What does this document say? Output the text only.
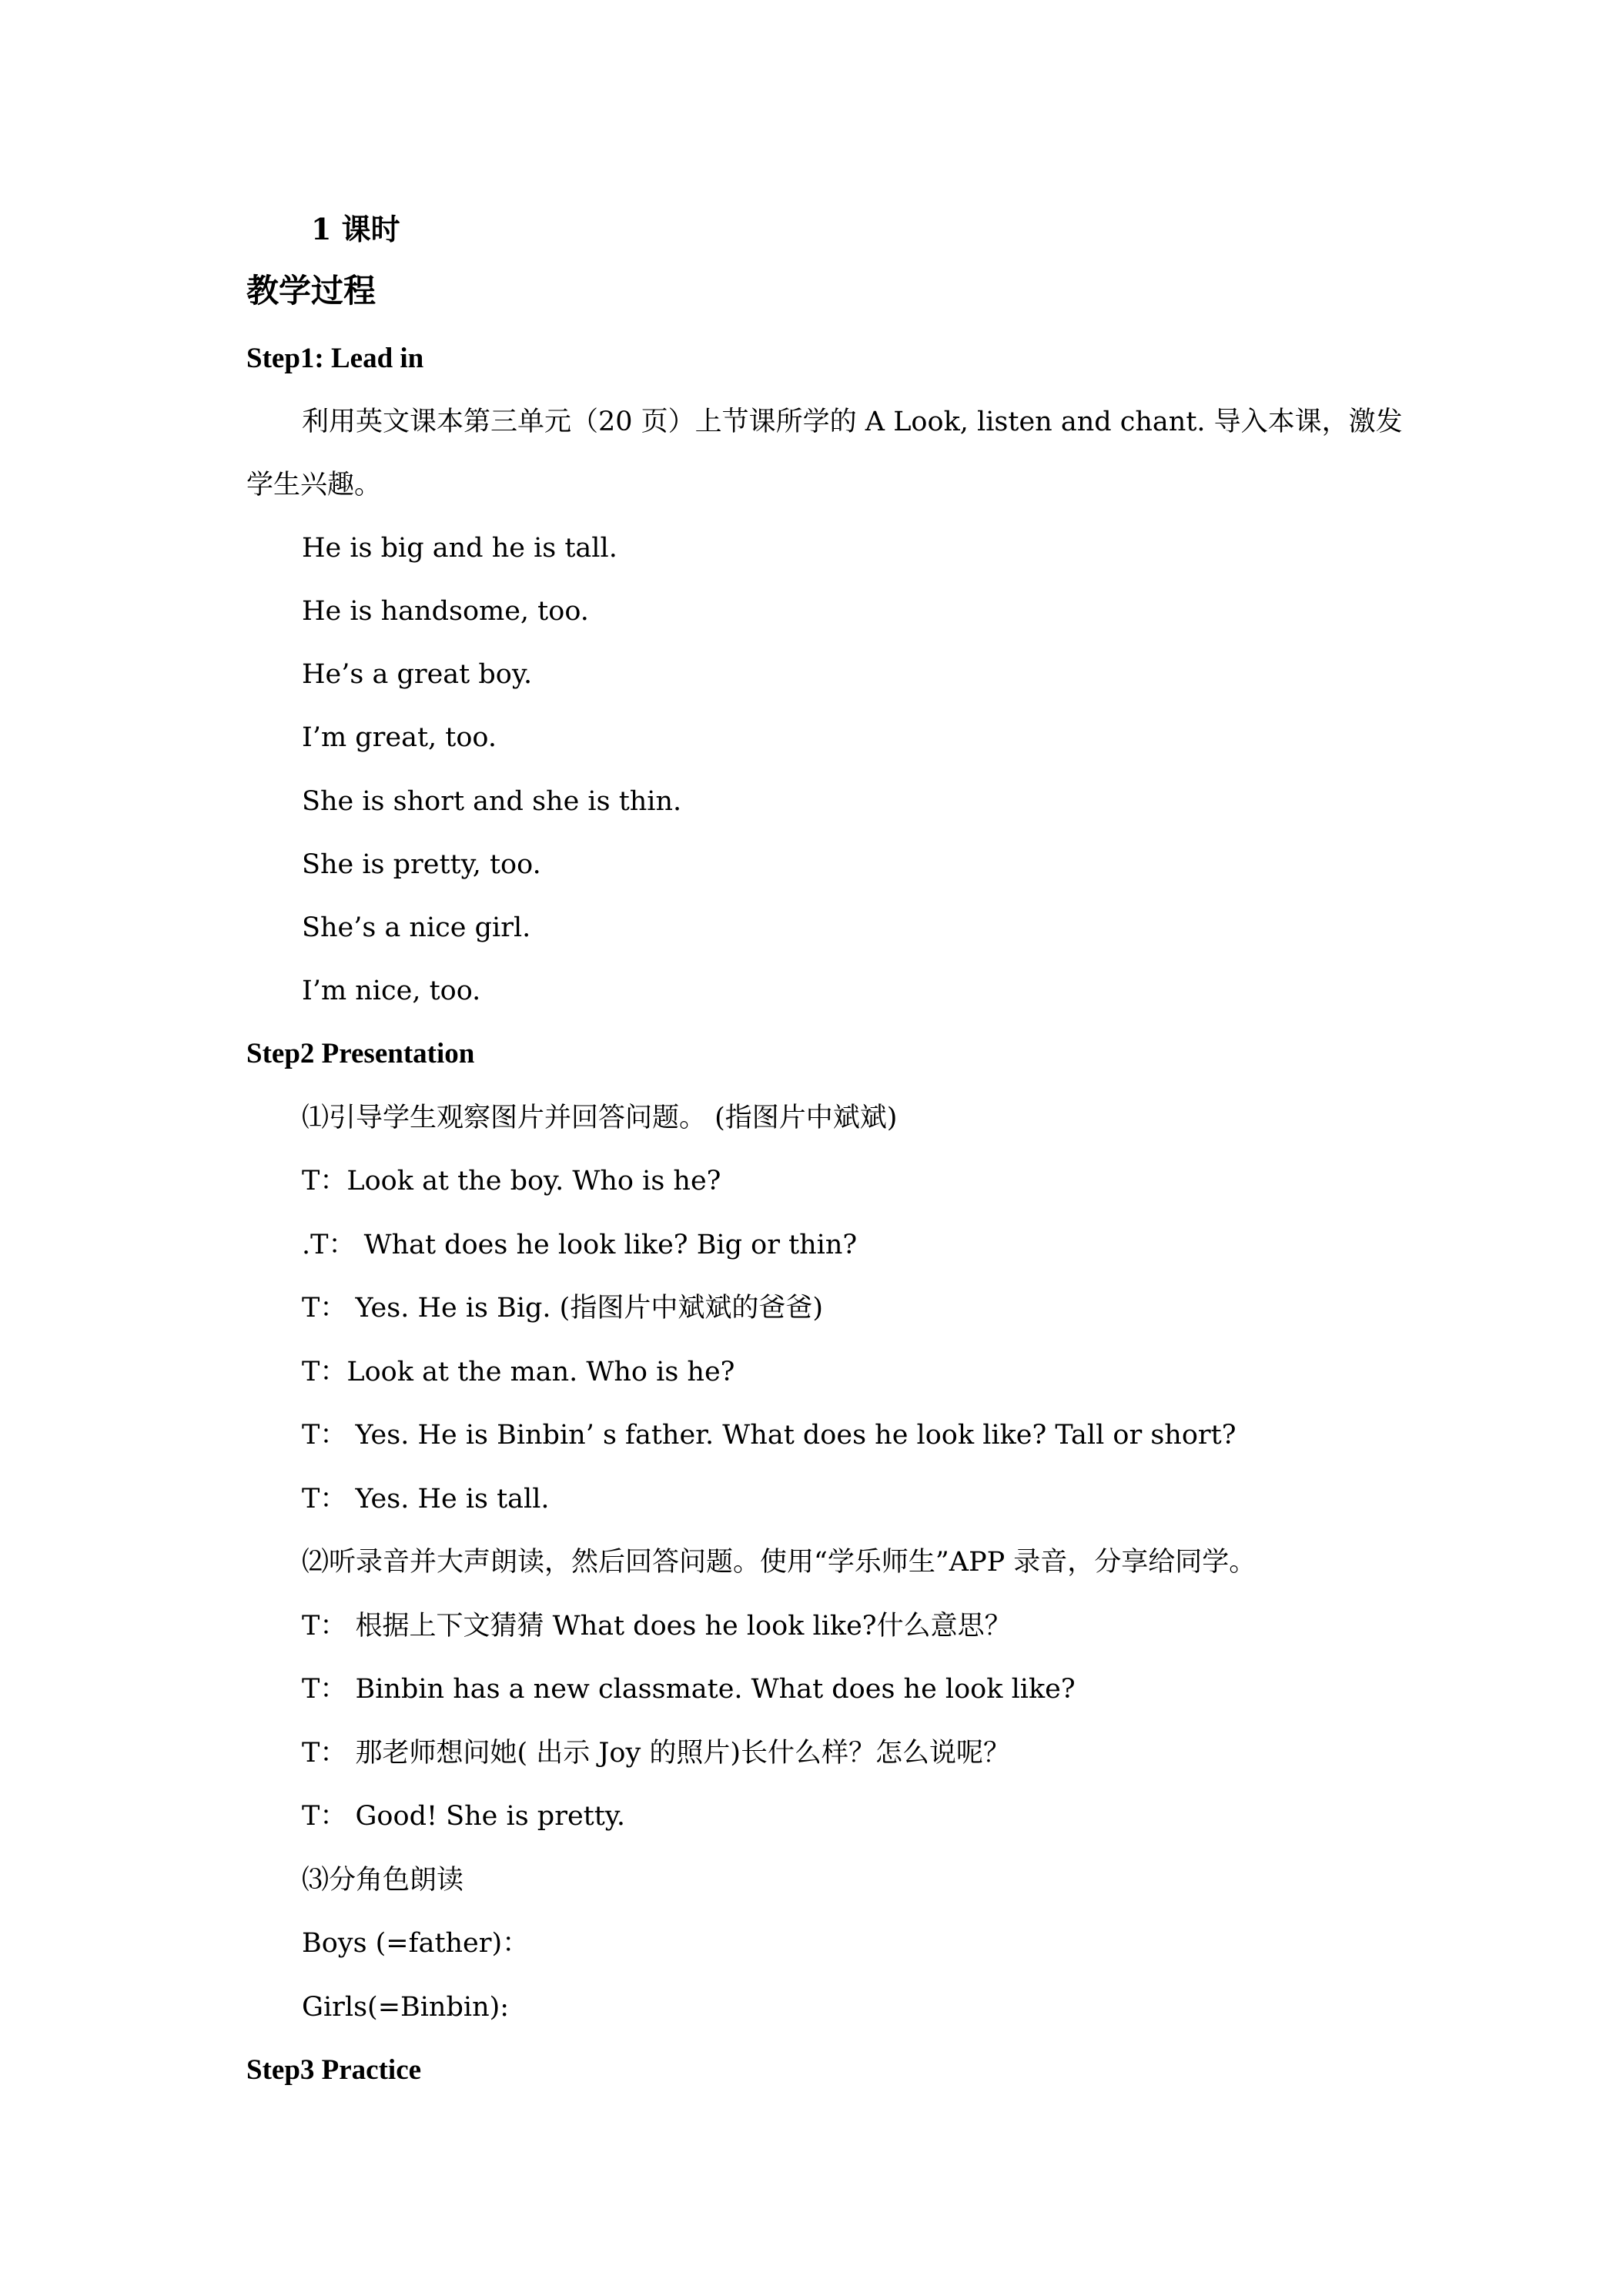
1 课时
教学过程
Step1: Lead in
利用英文课本第三单元（20 页）上节课所学的 A Look, listen and chant. 导入本课，激发
学生兴趣。
He is big and he is tall.
He is handsome, too.
He’s a great boy.
I’m great, too.
She is short and she is thin.
She is pretty, too.
She’s a nice girl.
I’m nice, too.
Step2 Presentation
⑴引导学生观察图片并回答问题。 (指图片中斌斌)
T：Look at the boy. Who is he?
.T： What does he look like? Big or thin?
T： Yes. He is Big. (指图片中斌斌的爸爸)
T：Look at the man. Who is he?
T： Yes. He is Binbin’ s father. What does he look like? Tall or short?
T： Yes. He is tall.
⑵听录音并大声朗读，然后回答问题。使用“学乐师生”APP 录音，分享给同学。
T： 根据上下文猜猜 What does he look like?什么意思？
T： Binbin has a new classmate. What does he look like?
T： 那老师想问她( 出示 Joy 的照片)长什么样？怎么说呢？
T： Good! She is pretty.
⑶分角色朗读
Boys (=father)：
Girls(=Binbin):
Step3 Practice
